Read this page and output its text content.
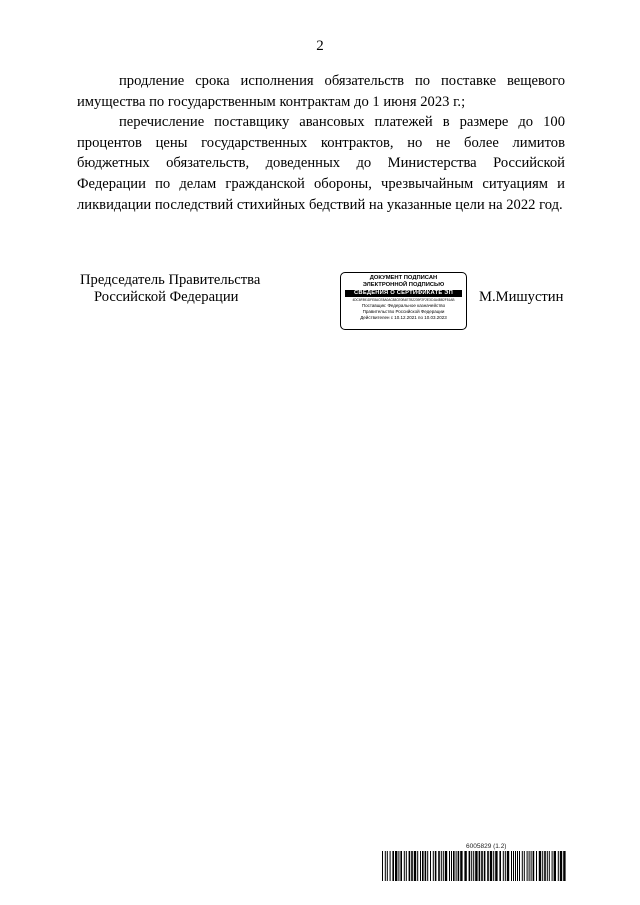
2

продление срока исполнения обязательств по поставке вещевого имущества по государственным контрактам до 1 июня 2023 г.;

перечисление поставщику авансовых платежей в размере до 100 процентов цены государственных контрактов, но не более лимитов бюджетных обязательств, доведенных до Министерства Российской Федерации по делам гражданской обороны, чрезвычайным ситуациям и ликвидации последствий стихийных бедствий на указанные цели на 2022 год.

Председатель Правительства
Российской Федерации
ДОКУМЕНТ ПОДПИСАН
ЭЛЕКТРОННОЙ ПОДПИСЬЮ
СВЕДЕНИЯ О СЕРТИФИКАТЕ ЭП
4DC6F891DFE8ACE8A0AC88CE0B4E7B2239F2F2E3C4A4BB2F51AB
Поставщик: Федеральное казначейство
Правительство Российской Федерации
Действителен с 10.12.2021 по 10.03.2023
М.Мишустин
6005829 (1.2)
